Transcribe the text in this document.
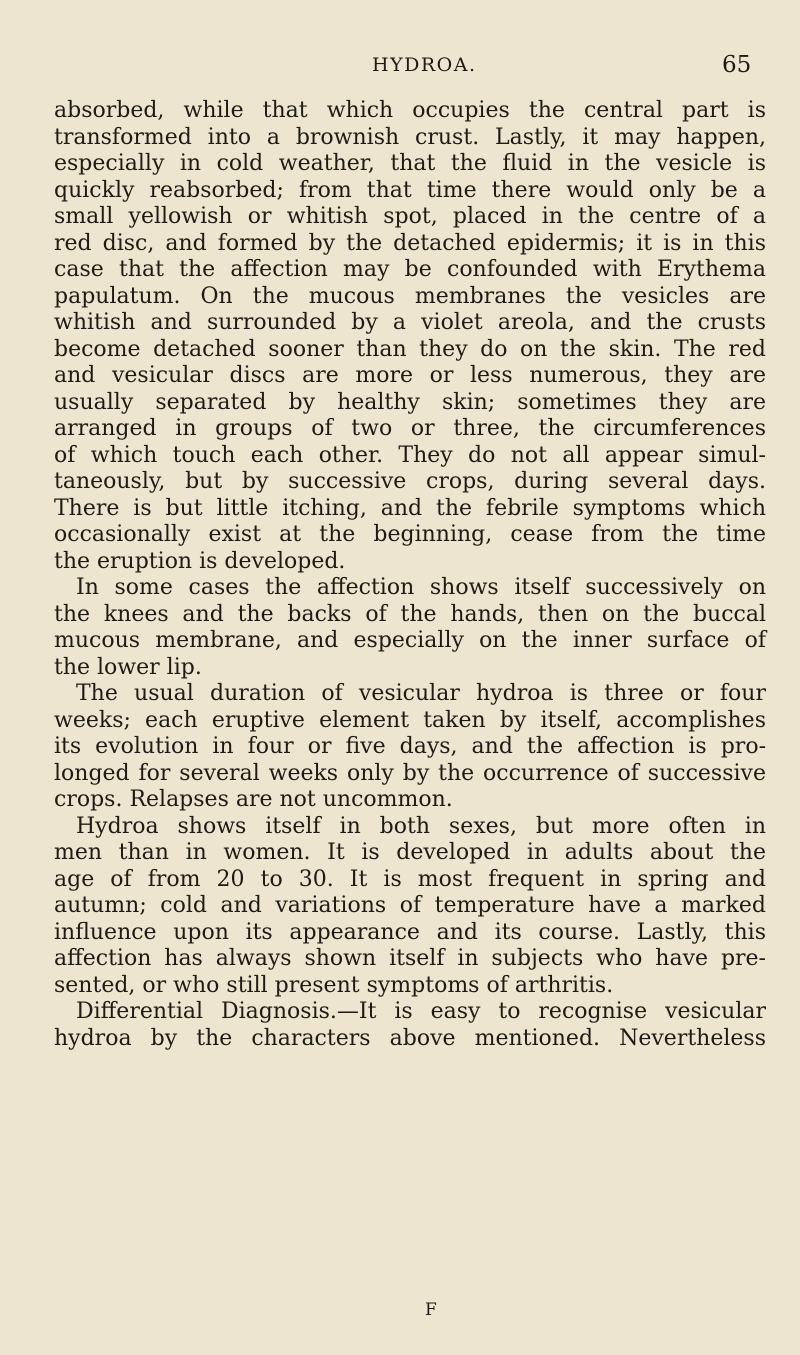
HYDROA.	65
absorbed, while that which occupies the central part is
transformed into a brownish crust. Lastly, it may happen,
especially in cold weather, that the fluid in the vesicle is
quickly reabsorbed; from that time there would only be a
small yellowish or whitish spot, placed in the centre of a
red disc, and formed by the detached epidermis; it is in this
case that the affection may be confounded with Erythema
papulatum. On the mucous membranes the vesicles are
whitish and surrounded by a violet areola, and the crusts
become detached sooner than they do on the skin. The red
and vesicular discs are more or less numerous, they are
usually separated by healthy skin; sometimes they are
arranged in groups of two or three, the circumferences
of which touch each other. They do not all appear simul-
taneously, but by successive crops, during several days.
There is but little itching, and the febrile symptoms which
occasionally exist at the beginning, cease from the time
the eruption is developed.
In some cases the affection shows itself successively on
the knees and the backs of the hands, then on the buccal
mucous membrane, and especially on the inner surface of
the lower lip.
The usual duration of vesicular hydroa is three or four
weeks; each eruptive element taken by itself, accomplishes
its evolution in four or five days, and the affection is pro-
longed for several weeks only by the occurrence of successive
crops. Relapses are not uncommon.
Hydroa shows itself in both sexes, but more often in
men than in women. It is developed in adults about the
age of from 20 to 30. It is most frequent in spring and
autumn; cold and variations of temperature have a marked
influence upon its appearance and its course. Lastly, this
affection has always shown itself in subjects who have pre-
sented, or who still present symptoms of arthritis.
Differential Diagnosis.—It is easy to recognise vesicular
hydroa by the characters above mentioned. Nevertheless
F
